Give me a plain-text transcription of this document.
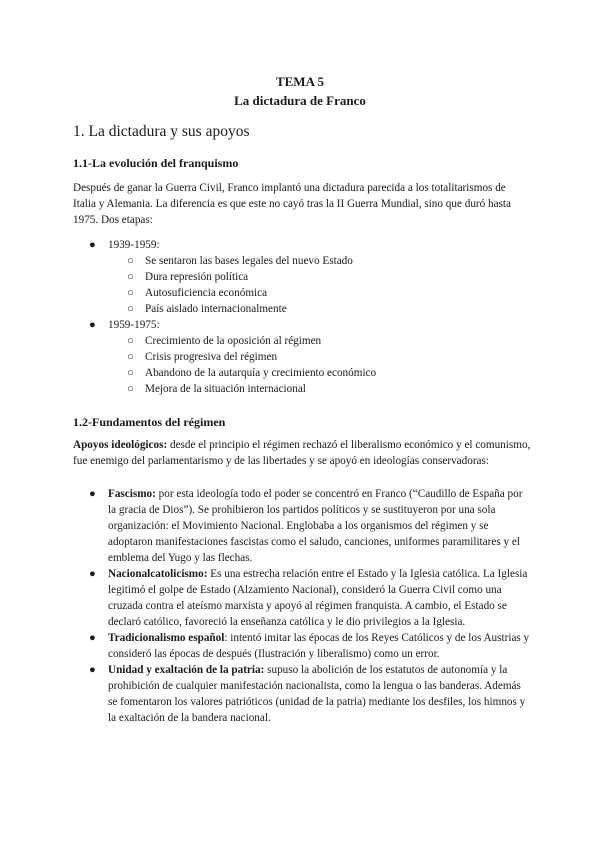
TEMA 5
La dictadura de Franco
1. La dictadura y sus apoyos
1.1-La evolución del franquismo

Después de ganar la Guerra Civil, Franco implantó una dictadura parecida a los totalitarismos de Italia y Alemania. La diferencia es que este no cayó tras la II Guerra Mundial, sino que duró hasta 1975. Dos etapas:

● 1939-1959:
○ Se sentaron las bases legales del nuevo Estado
○ Dura represión política
○ Autosuficiencia económica
○ País aislado internacionalmente
● 1959-1975:
○ Crecimiento de la oposición al régimen
○ Crisis progresiva del régimen
○ Abandono de la autarquía y crecimiento económico
○ Mejora de la situación internacional
1.2-Fundamentos del régimen

Apoyos ideológicos: desde el principio el régimen rechazó el liberalismo económico y el comunismo, fue enemigo del parlamentarismo y de las libertades y se apoyó en ideologías conservadoras:

● Fascismo: por esta ideología todo el poder se concentró en Franco (“Caudillo de España por la gracia de Dios”). Se prohibieron los partidos políticos y se sustituyeron por una sola organización: el Movimiento Nacional. Englobaba a los organismos del régimen y se adoptaron manifestaciones fascistas como el saludo, canciones, uniformes paramilitares y el emblema del Yugo y las flechas.
● Nacionalcatolicismo: Es una estrecha relación entre el Estado y la Iglesia católica. La Iglesia legitimó el golpe de Estado (Alzamiento Nacional), consideró la Guerra Civil como una cruzada contra el ateísmo marxista y apoyó al régimen franquista. A cambio, el Estado se declaró católico, favoreció la enseñanza católica y le dio privilegios a la Iglesia.
● Tradicionalismo español: intentó imitar las épocas de los Reyes Católicos y de los Austrias y consideró las épocas de después (Ilustración y liberalismo) como un error.
● Unidad y exaltación de la patria: supuso la abolición de los estatutos de autonomía y la prohibición de cualquier manifestación nacionalista, como la lengua o las banderas. Además se fomentaron los valores patrióticos (unidad de la patria) mediante los desfiles, los himnos y la exaltación de la bandera nacional.
